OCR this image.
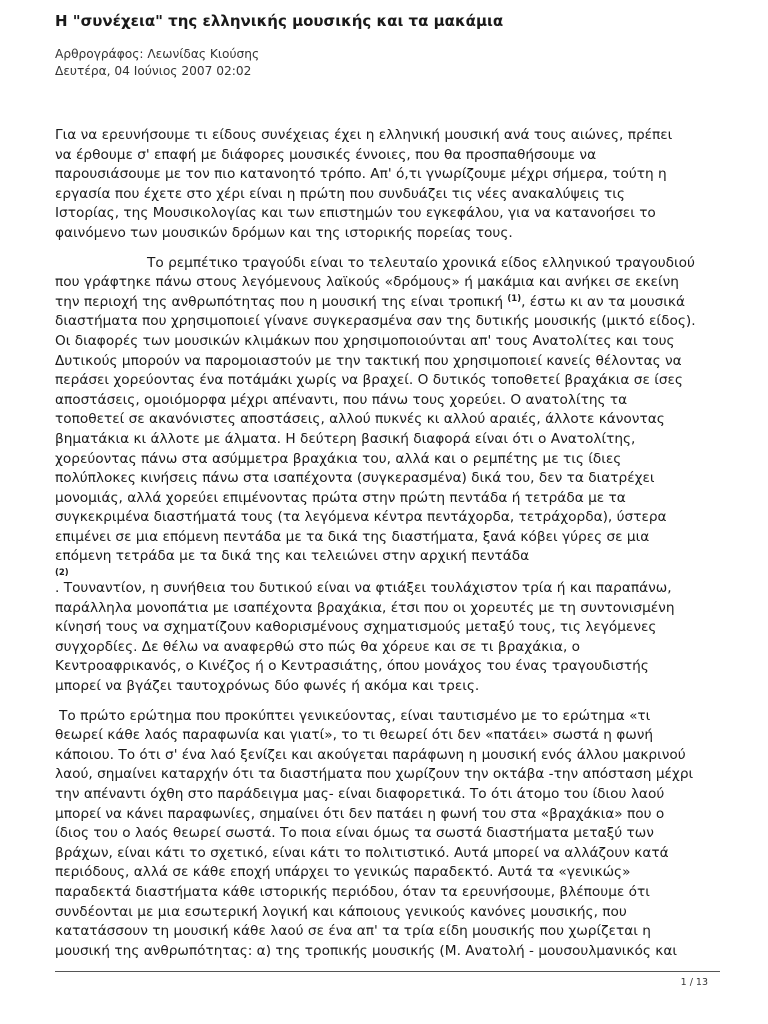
Η "συνέχεια" της ελληνικής μουσικής και τα μακάμια
Αρθρογράφος: Λεωνίδας Κιούσης
Δευτέρα, 04 Ιούνιος 2007 02:02
Για να ερευνήσουμε τι είδους συνέχειας έχει η ελληνική μουσική ανά τους αιώνες, πρέπει
να έρθουμε σ' επαφή με διάφορες μουσικές έννοιες, που θα προσπαθήσουμε να
παρουσιάσουμε με τον πιο κατανοητό τρόπο. Απ' ό,τι γνωρίζουμε μέχρι σήμερα, τούτη η
εργασία που έχετε στο χέρι είναι η πρώτη που συνδυάζει τις νέες ανακαλύψεις τις
Ιστορίας, της Μουσικολογίας και των επιστημών του εγκεφάλου, για να κατανοήσει το
φαινόμενο των μουσικών δρόμων και της ιστορικής πορείας τους.
Το ρεμπέτικο τραγούδι είναι το τελευταίο χρονικά είδος ελληνικού τραγουδιού
που γράφτηκε πάνω στους λεγόμενους λαϊκούς «δρόμους» ή μακάμια και ανήκει σε εκείνη
την περιοχή της ανθρωπότητας που η μουσική της είναι τροπική $^{(1)}$, έστω κι αν τα μουσικά
διαστήματα που χρησιμοποιεί γίνανε συγκερασμένα σαν της δυτικής μουσικής (μικτό είδος).
Οι διαφορές των μουσικών κλιμάκων που χρησιμοποιούνται απ' τους Ανατολίτες και τους
Δυτικούς μπορούν να παρομοιαστούν με την τακτική που χρησιμοποιεί κανείς θέλοντας να
περάσει χορεύοντας ένα ποτάμάκι χωρίς να βραχεί. Ο δυτικός τοποθετεί βραχάκια σε ίσες
αποστάσεις, ομοιόμορφα μέχρι απέναντι, που πάνω τους χορεύει. Ο ανατολίτης τα
τοποθετεί σε ακανόνιστες αποστάσεις, αλλού πυκνές κι αλλού αραιές, άλλοτε κάνοντας
βηματάκια κι άλλοτε με άλματα. Η δεύτερη βασική διαφορά είναι ότι ο Ανατολίτης,
χορεύοντας πάνω στα ασύμμετρα βραχάκια του, αλλά και ο ρεμπέτης με τις ίδιες
πολύπλοκες κινήσεις πάνω στα ισαπέχοντα (συγκερασμένα) δικά του, δεν τα διατρέχει
μονομιάς, αλλά χορεύει επιμένοντας πρώτα στην πρώτη πεντάδα ή τετράδα με τα
συγκεκριμένα διαστήματά τους (τα λεγόμενα κέντρα πεντάχορδα, τετράχορδα), ύστερα
επιμένει σε μια επόμενη πεντάδα με τα δικά της διαστήματα, ξανά κόβει γύρες σε μια
επόμενη τετράδα με τα δικά της και τελειώνει στην αρχική πεντάδα
(2)
. Τουναντίον, η συνήθεια του δυτικού είναι να φτιάξει τουλάχιστον τρία ή και παραπάνω,
παράλληλα μονοπάτια με ισαπέχοντα βραχάκια, έτσι που οι χορευτές με τη συντονισμένη
κίνησή τους να σχηματίζουν καθορισμένους σχηματισμούς μεταξύ τους, τις λεγόμενες
συγχορδίες. Δε θέλω να αναφερθώ στο πώς θα χόρευε και σε τι βραχάκια, ο
Κεντροαφρικανός, ο Κινέζος ή ο Κεντρασιάτης, όπου μονάχος του ένας τραγουδιστής
μπορεί να βγάζει ταυτοχρόνως δύο φωνές ή ακόμα και τρεις.
Το πρώτο ερώτημα που προκύπτει γενικεύοντας, είναι ταυτισμένο με το ερώτημα «τι
θεωρεί κάθε λαός παραφωνία και γιατί», το τι θεωρεί ότι δεν «πατάει» σωστά η φωνή
κάποιου. Το ότι σ' ένα λαό ξενίζει και ακούγεται παράφωνη η μουσική ενός άλλου μακρινού
λαού, σημαίνει καταρχήν ότι τα διαστήματα που χωρίζουν την οκτάβα -την απόσταση μέχρι
την απέναντι όχθη στο παράδειγμα μας- είναι διαφορετικά. Το ότι άτομο του ίδιου λαού
μπορεί να κάνει παραφωνίες, σημαίνει ότι δεν πατάει η φωνή του στα «βραχάκια» που ο
ίδιος του ο λαός θεωρεί σωστά. Το ποια είναι όμως τα σωστά διαστήματα μεταξύ των
βράχων, είναι κάτι το σχετικό, είναι κάτι το πολιτιστικό. Αυτά μπορεί να αλλάζουν κατά
περιόδους, αλλά σε κάθε εποχή υπάρχει το γενικώς παραδεκτό. Αυτά τα «γενικώς»
παραδεκτά διαστήματα κάθε ιστορικής περιόδου, όταν τα ερευνήσουμε, βλέπουμε ότι
συνδέονται με μια εσωτερική λογική και κάποιους γενικούς κανόνες μουσικής, που
κατατάσσουν τη μουσική κάθε λαού σε ένα απ' τα τρία είδη μουσικής που χωρίζεται η
μουσική της ανθρωπότητας: α) της τροπικής μουσικής (Μ. Ανατολή - μουσουλμανικός και
1 / 13
